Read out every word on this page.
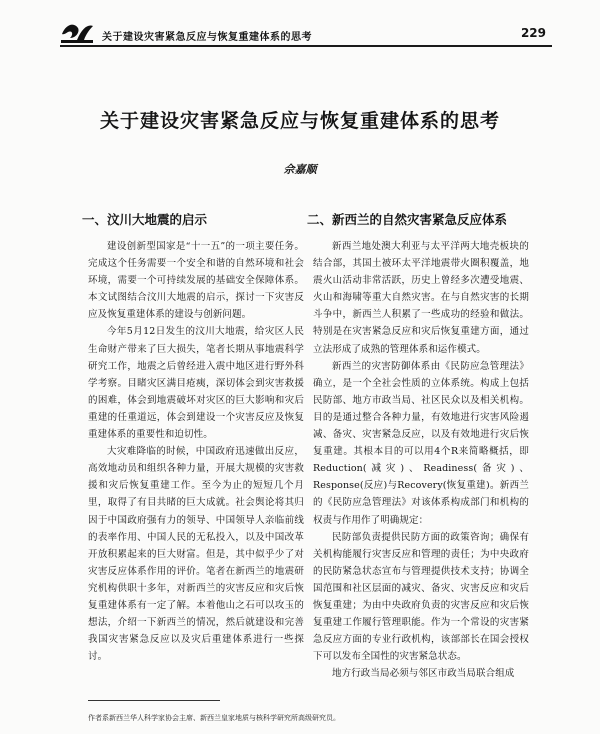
关于建设灾害紧急反应与恢复重建体系的思考	229
关于建设灾害紧急反应与恢复重建体系的思考
佘嘉顺
一、汶川大地震的启示

建设创新型国家是“十一五”的一项主要任务。完成这个任务需要一个安全和谐的自然环境和社会环境，需要一个可持续发展的基础安全保障体系。本文试图结合汶川大地震的启示，探讨一下灾害反应及恢复重建体系的建设与创新问题。

今年5月12日发生的汶川大地震，给灾区人民生命财产带来了巨大损失，笔者长期从事地震科学研究工作，地震之后曾经进入震中地区进行野外科学考察。目睹灾区满目疮痍，深切体会到灾害救援的困难，体会到地震破坏对灾区的巨大影响和灾后重建的任重道远，体会到建设一个灾害反应及恢复重建体系的重要性和迫切性。

大灾难降临的时候，中国政府迅速做出反应，高效地动员和组织各种力量，开展大规模的灾害救援和灾后恢复重建工作。至今为止的短短几个月里，取得了有目共睹的巨大成就。社会舆论将其归因于中国政府强有力的领导、中国领导人亲临前线的表率作用、中国人民的无私投入，以及中国改革开放积累起来的巨大财富。但是，其中似乎少了对灾害反应体系作用的评价。笔者在新西兰的地震研究机构供职十多年，对新西兰的灾害反应和灾后恢复重建体系有一定了解。本着他山之石可以攻玉的想法，介绍一下新西兰的情况，然后就建设和完善我国灾害紧急反应以及灾后重建体系进行一些探讨。

二、新西兰的自然灾害紧急反应体系

新西兰地处澳大利亚与太平洋两大地壳板块的结合部，其国土被环太平洋地震带火圈积覆盖，地震火山活动非常活跃，历史上曾经多次遭受地震、火山和海啸等重大自然灾害。在与自然灾害的长期斗争中，新西兰人积累了一些成功的经验和做法。特别是在灾害紧急反应和灾后恢复重建方面，通过立法形成了成熟的管理体系和运作模式。

新西兰的灾害防御体系由《民防应急管理法》确立，是一个全社会性质的立体系统。构成上包括民防部、地方市政当局、社区民众以及相关机构。目的是通过整合各种力量，有效地进行灾害风险遏减、备灾、灾害紧急反应，以及有效地进行灾后恢复重建。其根本目的可以用4个R来简略概括，即Reduction(减灾)、Readiness(备灾)、Response(反应)与Recovery(恢复重建)。新西兰的《民防应急管理法》对该体系构成部门和机构的权责与作用作了明确规定：

民防部负责提供民防方面的政策咨询；确保有关机构能履行灾害反应和管理的责任；为中央政府的民防紧急状态宣布与管理提供技术支持；协调全国范围和社区层面的减灾、备灾、灾害反应和灾后恢复重建；为由中央政府负责的灾害反应和灾后恢复重建工作履行管理职能。作为一个常设的灾害紧急反应方面的专业行政机构，该部部长在国会授权下可以发布全国性的灾害紧急状态。

地方行政当局必须与邻区市政当局联合组成

作者系新西兰华人科学家协会主席、新西兰皇家地质与核科学研究所高级研究员。
